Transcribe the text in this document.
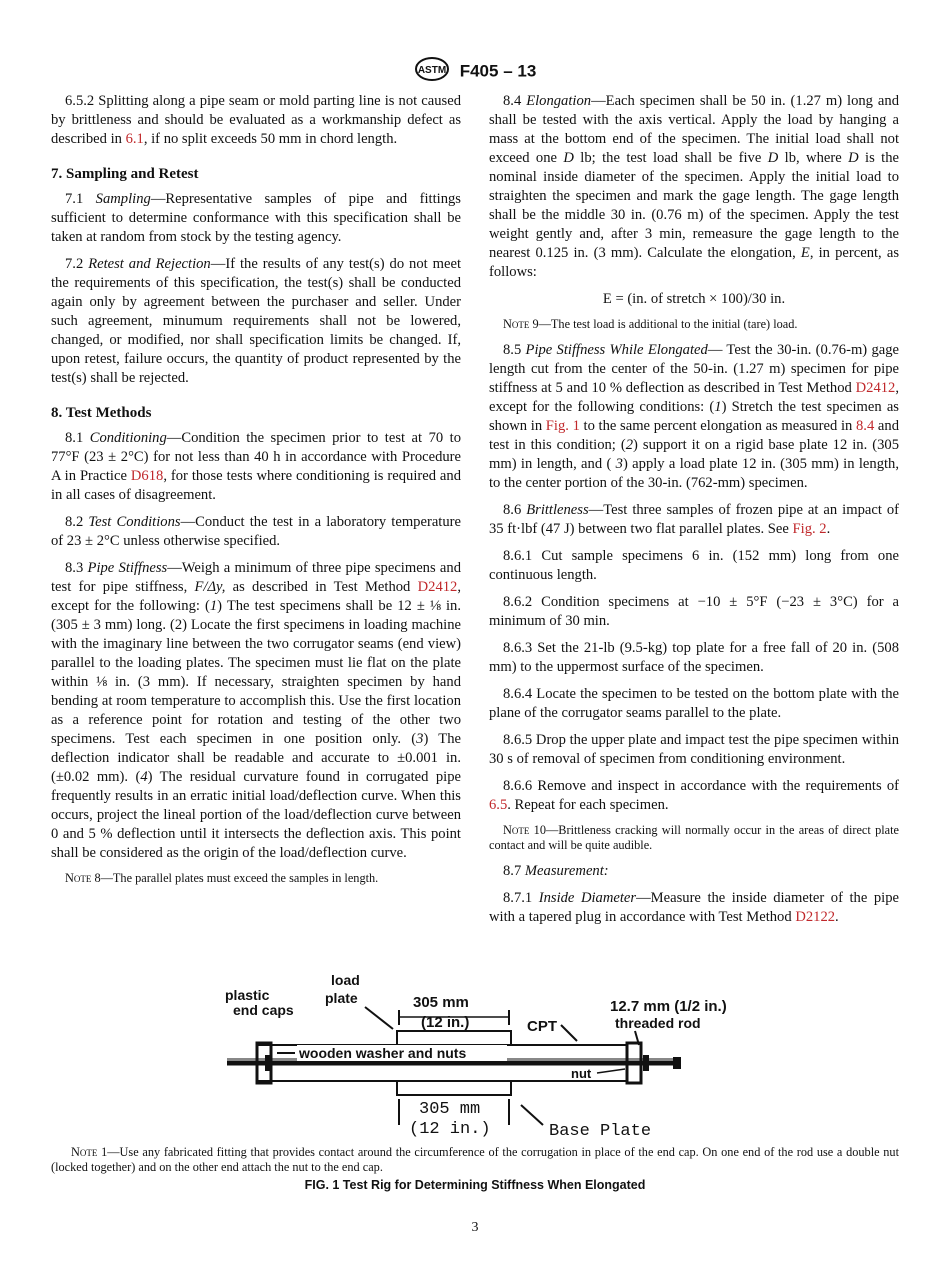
ASTM F405 – 13

6.5.2 Splitting along a pipe seam or mold parting line is not caused by brittleness and should be evaluated as a workmanship defect as described in 6.1, if no split exceeds 50 mm in chord length.

7. Sampling and Retest

7.1 Sampling—Representative samples of pipe and fittings sufficient to determine conformance with this specification shall be taken at random from stock by the testing agency.

7.2 Retest and Rejection—If the results of any test(s) do not meet the requirements of this specification, the test(s) shall be conducted again only by agreement between the purchaser and seller. Under such agreement, minumum requirements shall not be lowered, changed, or modified, nor shall specification limits be changed. If, upon retest, failure occurs, the quantity of product represented by the test(s) shall be rejected.

8. Test Methods

8.1 Conditioning—Condition the specimen prior to test at 70 to 77°F (23 ± 2°C) for not less than 40 h in accordance with Procedure A in Practice D618, for those tests where conditioning is required and in all cases of disagreement.

8.2 Test Conditions—Conduct the test in a laboratory temperature of 23 ± 2°C unless otherwise specified.

8.3 Pipe Stiffness—Weigh a minimum of three pipe specimens and test for pipe stiffness, F/Δy, as described in Test Method D2412, except for the following: (1) The test specimens shall be 12 ± ⅛ in. (305 ± 3 mm) long. (2) Locate the first specimens in loading machine with the imaginary line between the two corrugator seams (end view) parallel to the loading plates. The specimen must lie flat on the plate within ⅛ in. (3 mm). If necessary, straighten specimen by hand bending at room temperature to accomplish this. Use the first location as a reference point for rotation and testing of the other two specimens. Test each specimen in one position only. (3) The deflection indicator shall be readable and accurate to ±0.001 in. (±0.02 mm). (4) The residual curvature found in corrugated pipe frequently results in an erratic initial load/deflection curve. When this occurs, project the lineal portion of the load/deflection curve between 0 and 5 % deflection until it intersects the deflection axis. This point shall be considered as the origin of the load/deflection curve.

Note 8—The parallel plates must exceed the samples in length.

8.4 Elongation—Each specimen shall be 50 in. (1.27 m) long and shall be tested with the axis vertical. Apply the load by hanging a mass at the bottom end of the specimen. The initial load shall not exceed one D lb; the test load shall be five D lb, where D is the nominal inside diameter of the specimen. Apply the initial load to straighten the specimen and mark the gage length. The gage length shall be the middle 30 in. (0.76 m) of the specimen. Apply the test weight gently and, after 3 min, remeasure the gage length to the nearest 0.125 in. (3 mm). Calculate the elongation, E, in percent, as follows:

E = (in. of stretch × 100)/30 in.

Note 9—The test load is additional to the initial (tare) load.

8.5 Pipe Stiffness While Elongated— Test the 30-in. (0.76-m) gage length cut from the center of the 50-in. (1.27 m) specimen for pipe stiffness at 5 and 10 % deflection as described in Test Method D2412, except for the following conditions: (1) Stretch the test specimen as shown in Fig. 1 to the same percent elongation as measured in 8.4 and test in this condition; (2) support it on a rigid base plate 12 in. (305 mm) in length, and ( 3) apply a load plate 12 in. (305 mm) in length, to the center portion of the 30-in. (762-mm) specimen.

8.6 Brittleness—Test three samples of frozen pipe at an impact of 35 ft·lbf (47 J) between two flat parallel plates. See Fig. 2.

8.6.1 Cut sample specimens 6 in. (152 mm) long from one continuous length.

8.6.2 Condition specimens at −10 ± 5°F (−23 ± 3°C) for a minimum of 30 min.

8.6.3 Set the 21-lb (9.5-kg) top plate for a free fall of 20 in. (508 mm) to the uppermost surface of the specimen.

8.6.4 Locate the specimen to be tested on the bottom plate with the plane of the corrugator seams parallel to the plate.

8.6.5 Drop the upper plate and impact test the pipe specimen within 30 s of removal of specimen from conditioning environment.

8.6.6 Remove and inspect in accordance with the requirements of 6.5. Repeat for each specimen.

Note 10—Brittleness cracking will normally occur in the areas of direct plate contact and will be quite audible.

8.7 Measurement:

8.7.1 Inside Diameter—Measure the inside diameter of the pipe with a tapered plug in accordance with Test Method D2122.

plastic
end caps
load
plate	305 mm
(12 in.)	CPT
12.7 mm (1/2 in.)
threaded rod
wooden washer and nuts
nut
305 mm
(12 in.)	Base Plate
Note 1—Use any fabricated fitting that provides contact around the circumference of the corrugation in place of the end cap. On one end of the rod use a double nut (locked together) and on the other end attach the nut to the end cap.
FIG. 1 Test Rig for Determining Stiffness When Elongated
3
